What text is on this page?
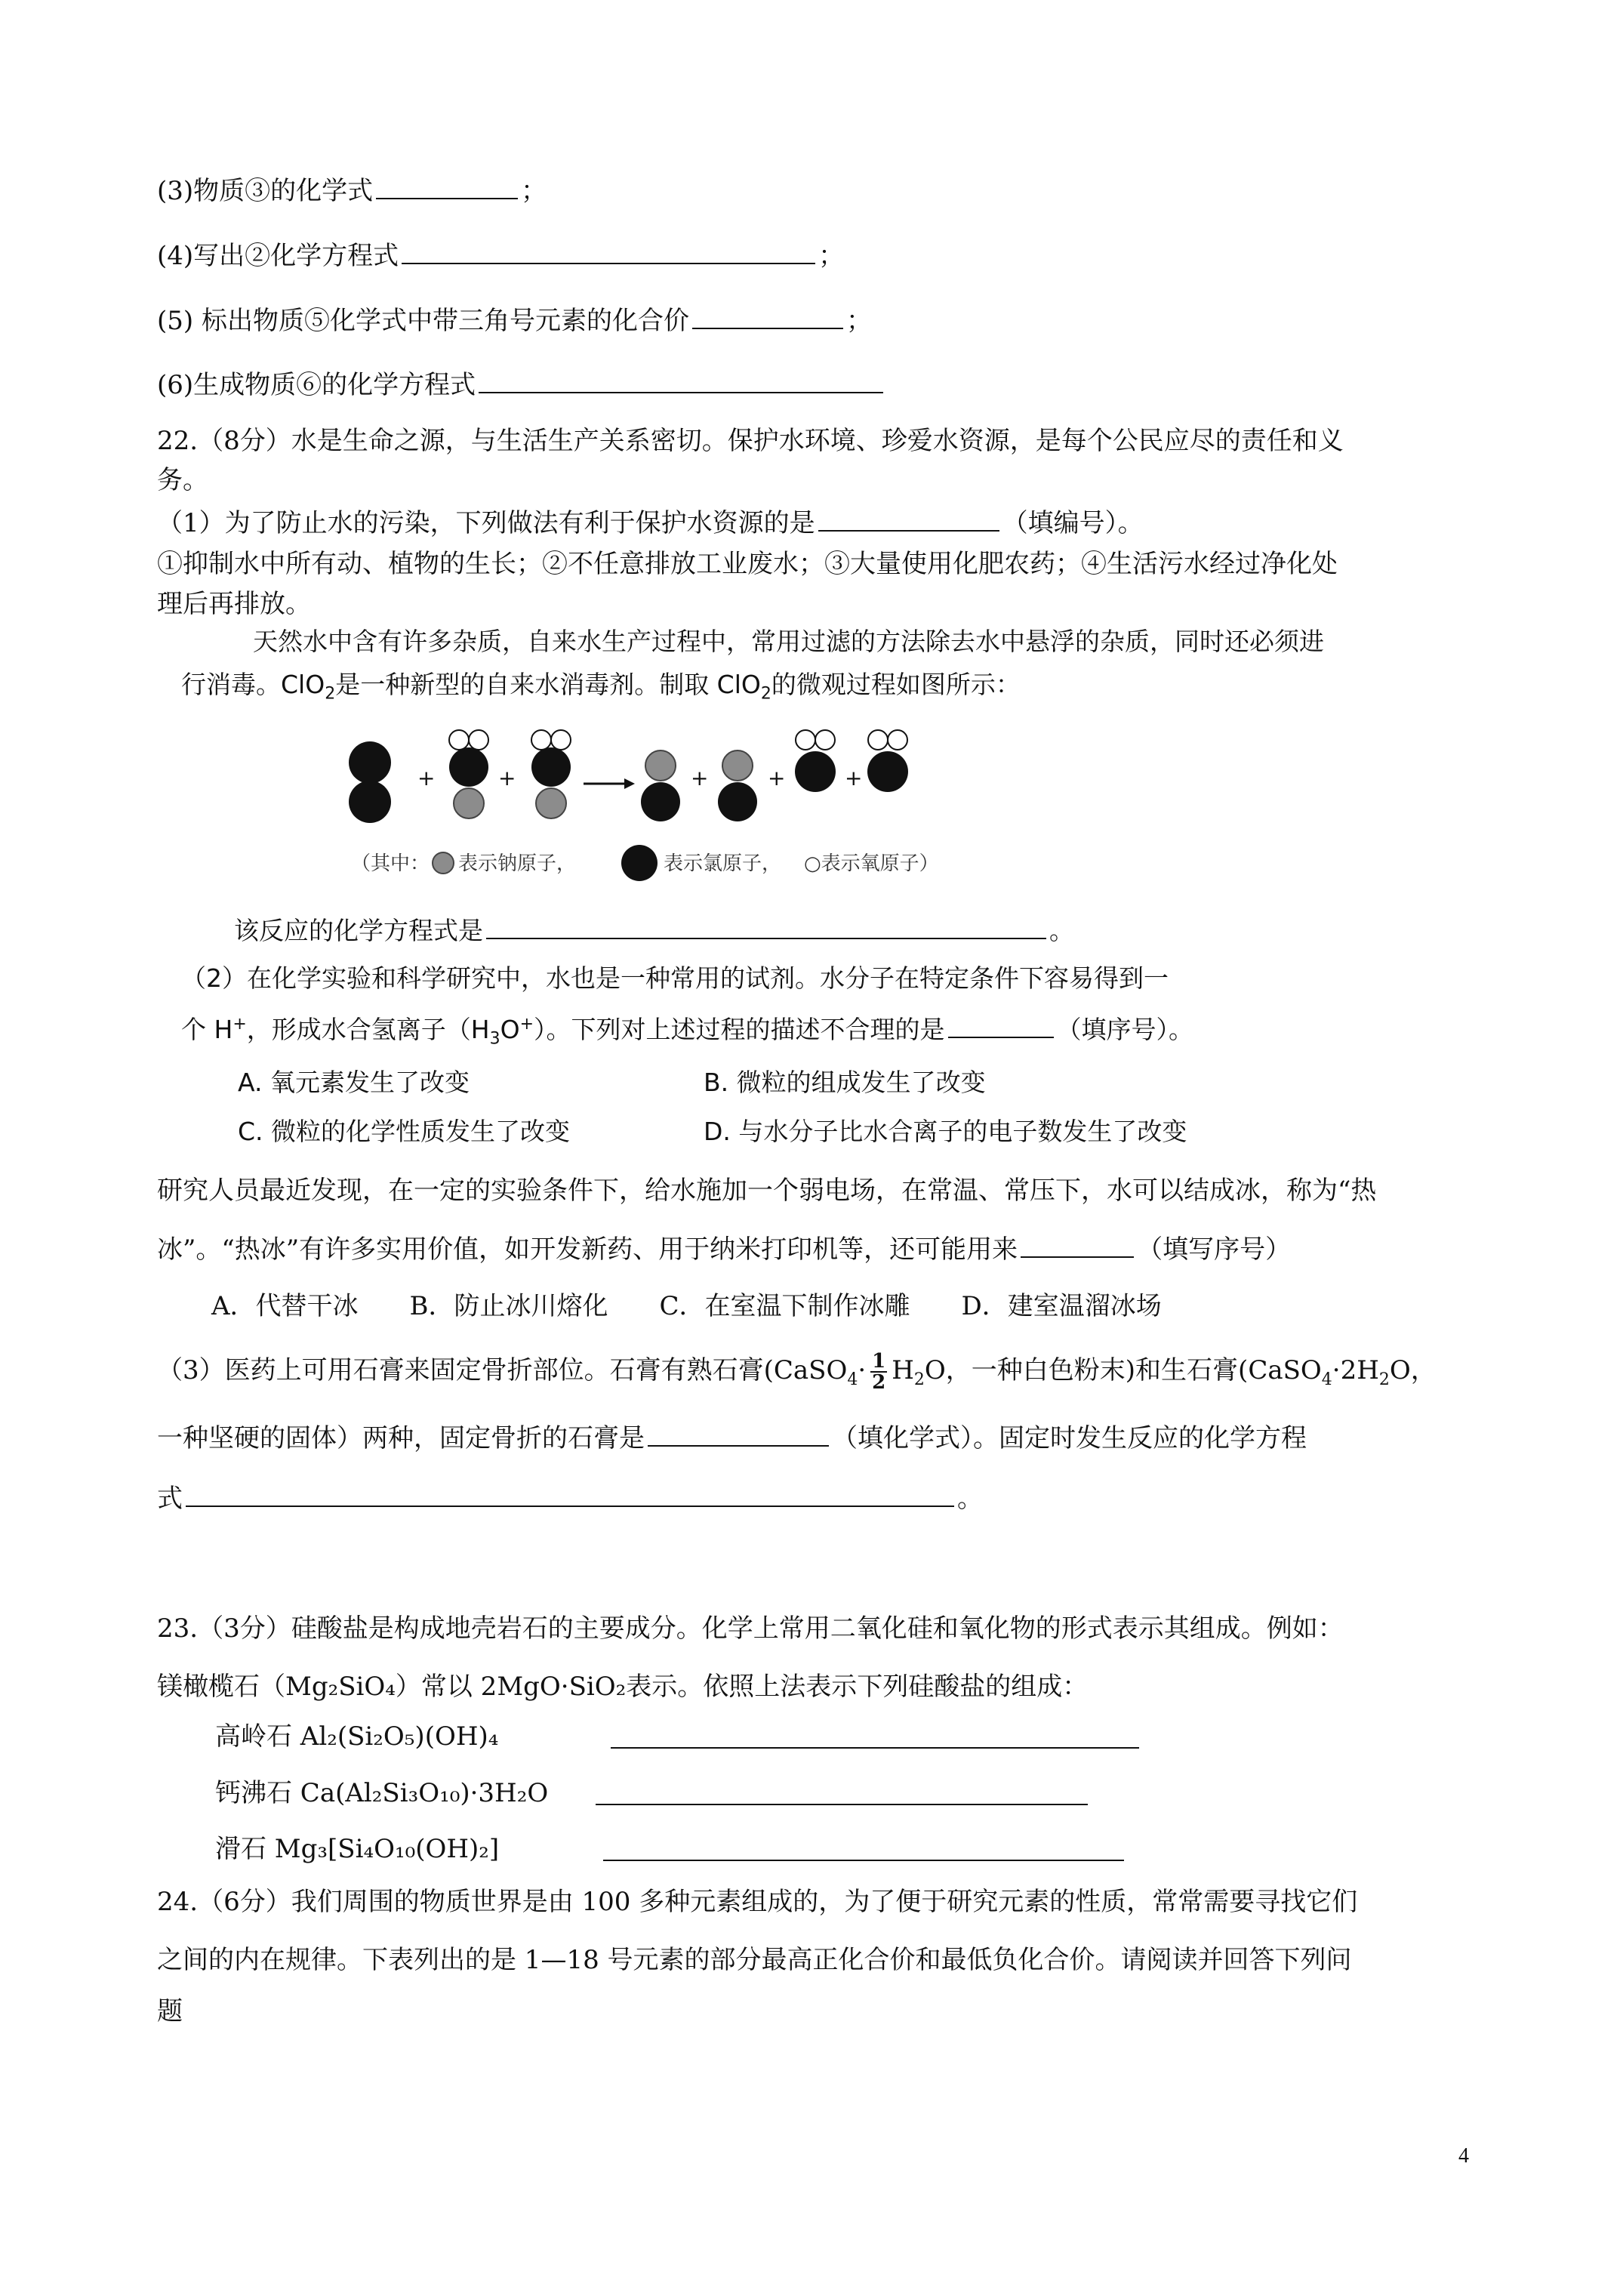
(3)物质③的化学式	；
(4)写出②化学方程式	；
(5) 标出物质⑤化学式中带三角号元素的化合价	；
(6)生成物质⑥的化学方程式
22.（8分）水是生命之源，与生活生产关系密切。保护水环境、珍爱水资源，是每个公民应尽的责任和义
务。
（1）为了防止水的污染，下列做法有利于保护水资源的是	（填编号）。
①抑制水中所有动、植物的生长；②不任意排放工业废水；③大量使用化肥农药；④生活污水经过净化处
理后再排放。
天然水中含有许多杂质，自来水生产过程中，常用过滤的方法除去水中悬浮的杂质，同时还必须进
行消毒。ClO$_2$是一种新型的自来水消毒剂。制取 ClO$_2$的微观过程如图所示：
+	+	+	+	+
（其中： 表示钠原子，	表示氯原子， ○表示氧原子）
该反应的化学方程式是	。
（2）在化学实验和科学研究中，水也是一种常用的试剂。水分子在特定条件下容易得到一
个 H+，形成水合氢离子$(H_3O^+)$。下列对上述过程的描述不合理的是	（填序号）。
A. 氧元素发生了改变	B. 微粒的组成发生了改变
C. 微粒的化学性质发生了改变	D. 与水分子比水合离子的电子数发生了改变
研究人员最近发现，在一定的实验条件下，给水施加一个弱电场，在常温、常压下，水可以结成冰，称为“热
冰”。“热冰”有许多实用价值，如开发新药、用于纳米打印机等，还可能用来	（填写序号）
A．代替干冰　　B．防止冰川熔化　　C．在室温下制作冰雕　　D．建室温溜冰场
（3）医药上可用石膏来固定骨折部位。石膏有熟石膏(CaSO$_4$· $\frac{1}{2} H_2O$，一种白色粉末)和生石膏($CaSO_4\cdot 2H_2O$，
一种坚硬的固体）两种，固定骨折的石膏是	（填化学式）。固定时发生反应的化学方程
式	。
23.（3分）硅酸盐是构成地壳岩石的主要成分。化学上常用二氧化硅和氧化物的形式表示其组成。例如：
镁橄榄石（Mg₂SiO₄）常以 2MgO·SiO₂表示。依照上法表示下列硅酸盐的组成：
高岭石 Al₂(Si₂O₅)(OH)₄
钙沸石 Ca(Al₂Si₃O₁₀)·3H₂O
滑石 Mg₃[Si₄O₁₀(OH)₂]
24.（6分）我们周围的物质世界是由 100 多种元素组成的，为了便于研究元素的性质，常常需要寻找它们
之间的内在规律。下表列出的是 1—18 号元素的部分最高正化合价和最低负化合价。请阅读并回答下列问
题
4
